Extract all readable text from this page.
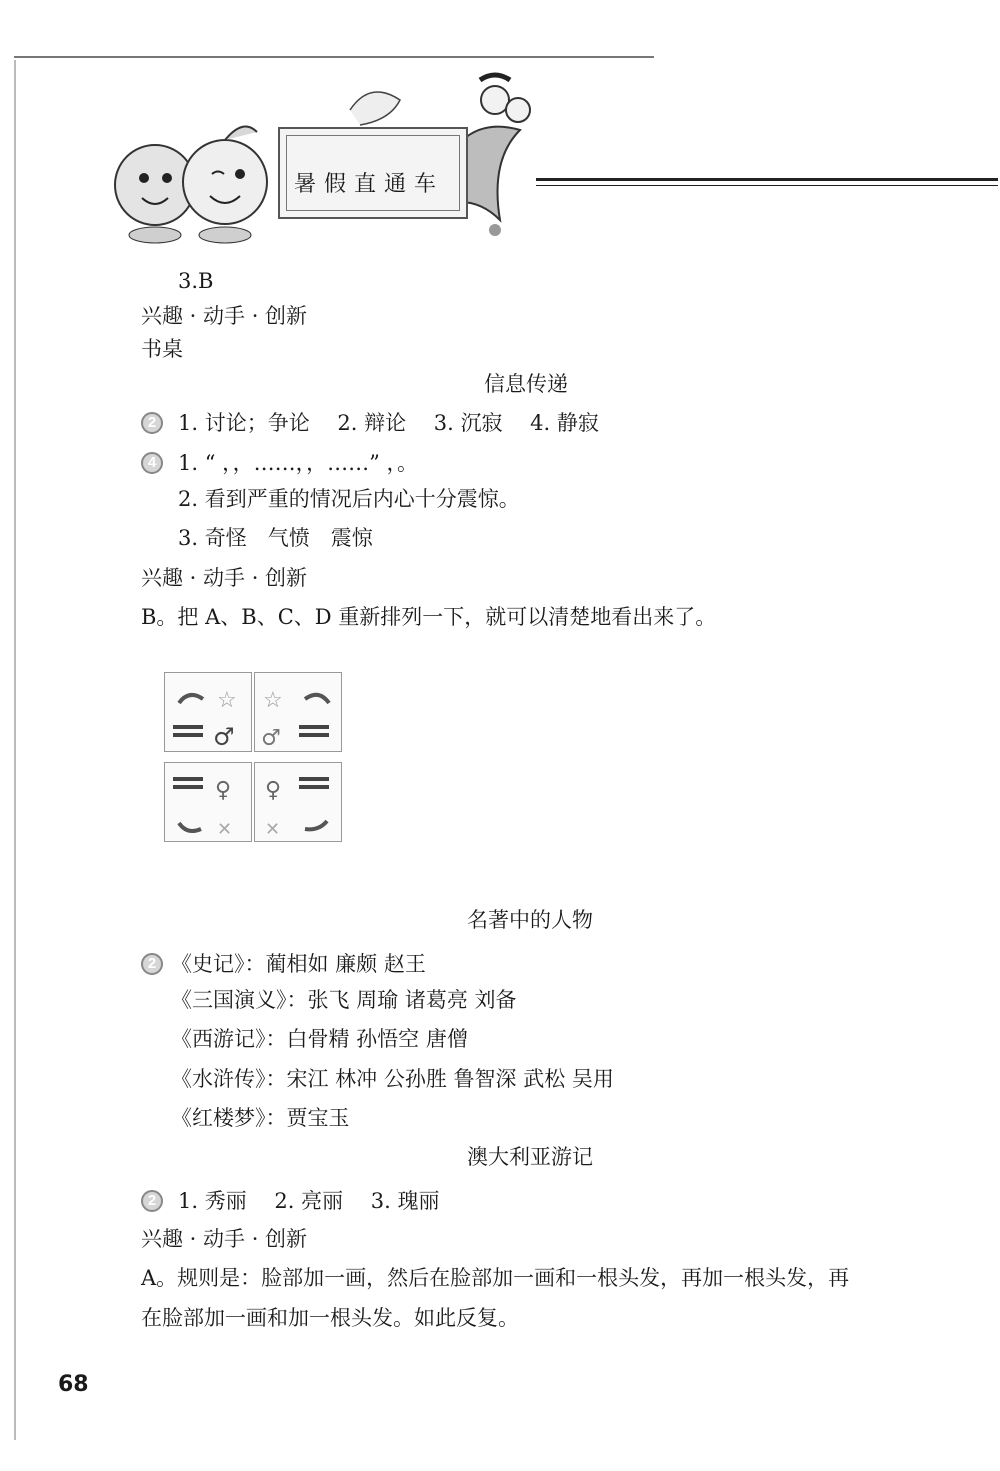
暑假直通车
3.B
兴趣 · 动手 · 创新
书桌
信息传递
2	1. 讨论；争论　 2. 辩论　 3. 沉寂　 4. 静寂
4	1. “ ，，……，，……” ，。
2. 看到严重的情况后内心十分震惊。
3. 奇怪　气愤　震惊
兴趣 · 动手 · 创新
B。把 A、B、C、D 重新排列一下，就可以清楚地看出来了。
☆
♂
☆
♂
♀
✕
♀
✕
名著中的人物
2 《史记》：蔺相如 廉颇 赵王
《三国演义》：张飞 周瑜 诸葛亮 刘备
《西游记》：白骨精 孙悟空 唐僧
《水浒传》：宋江 林冲 公孙胜 鲁智深 武松 吴用
《红楼梦》：贾宝玉
澳大利亚游记
2	1. 秀丽　 2. 亮丽　 3. 瑰丽
兴趣 · 动手 · 创新
A。规则是：脸部加一画，然后在脸部加一画和一根头发，再加一根头发，再
在脸部加一画和加一根头发。如此反复。
68
